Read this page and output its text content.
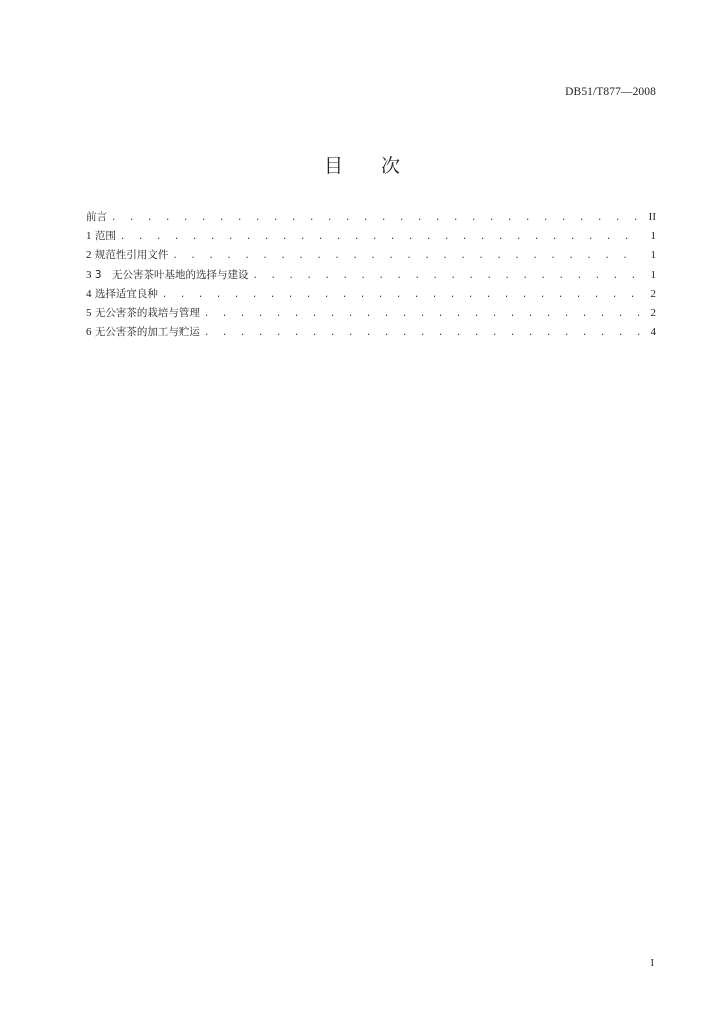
DB51/T877—2008
目 次
前言 . . .	II
1 范围 . . .	1
2 规范性引用文件 . . .	1
3 3　无公害茶叶基地的选择与建设 . . .	1
4 选择适宜良种 . . .	2
5 无公害茶的栽培与管理 . . .	2
6 无公害茶的加工与贮运 . . .	4
I
